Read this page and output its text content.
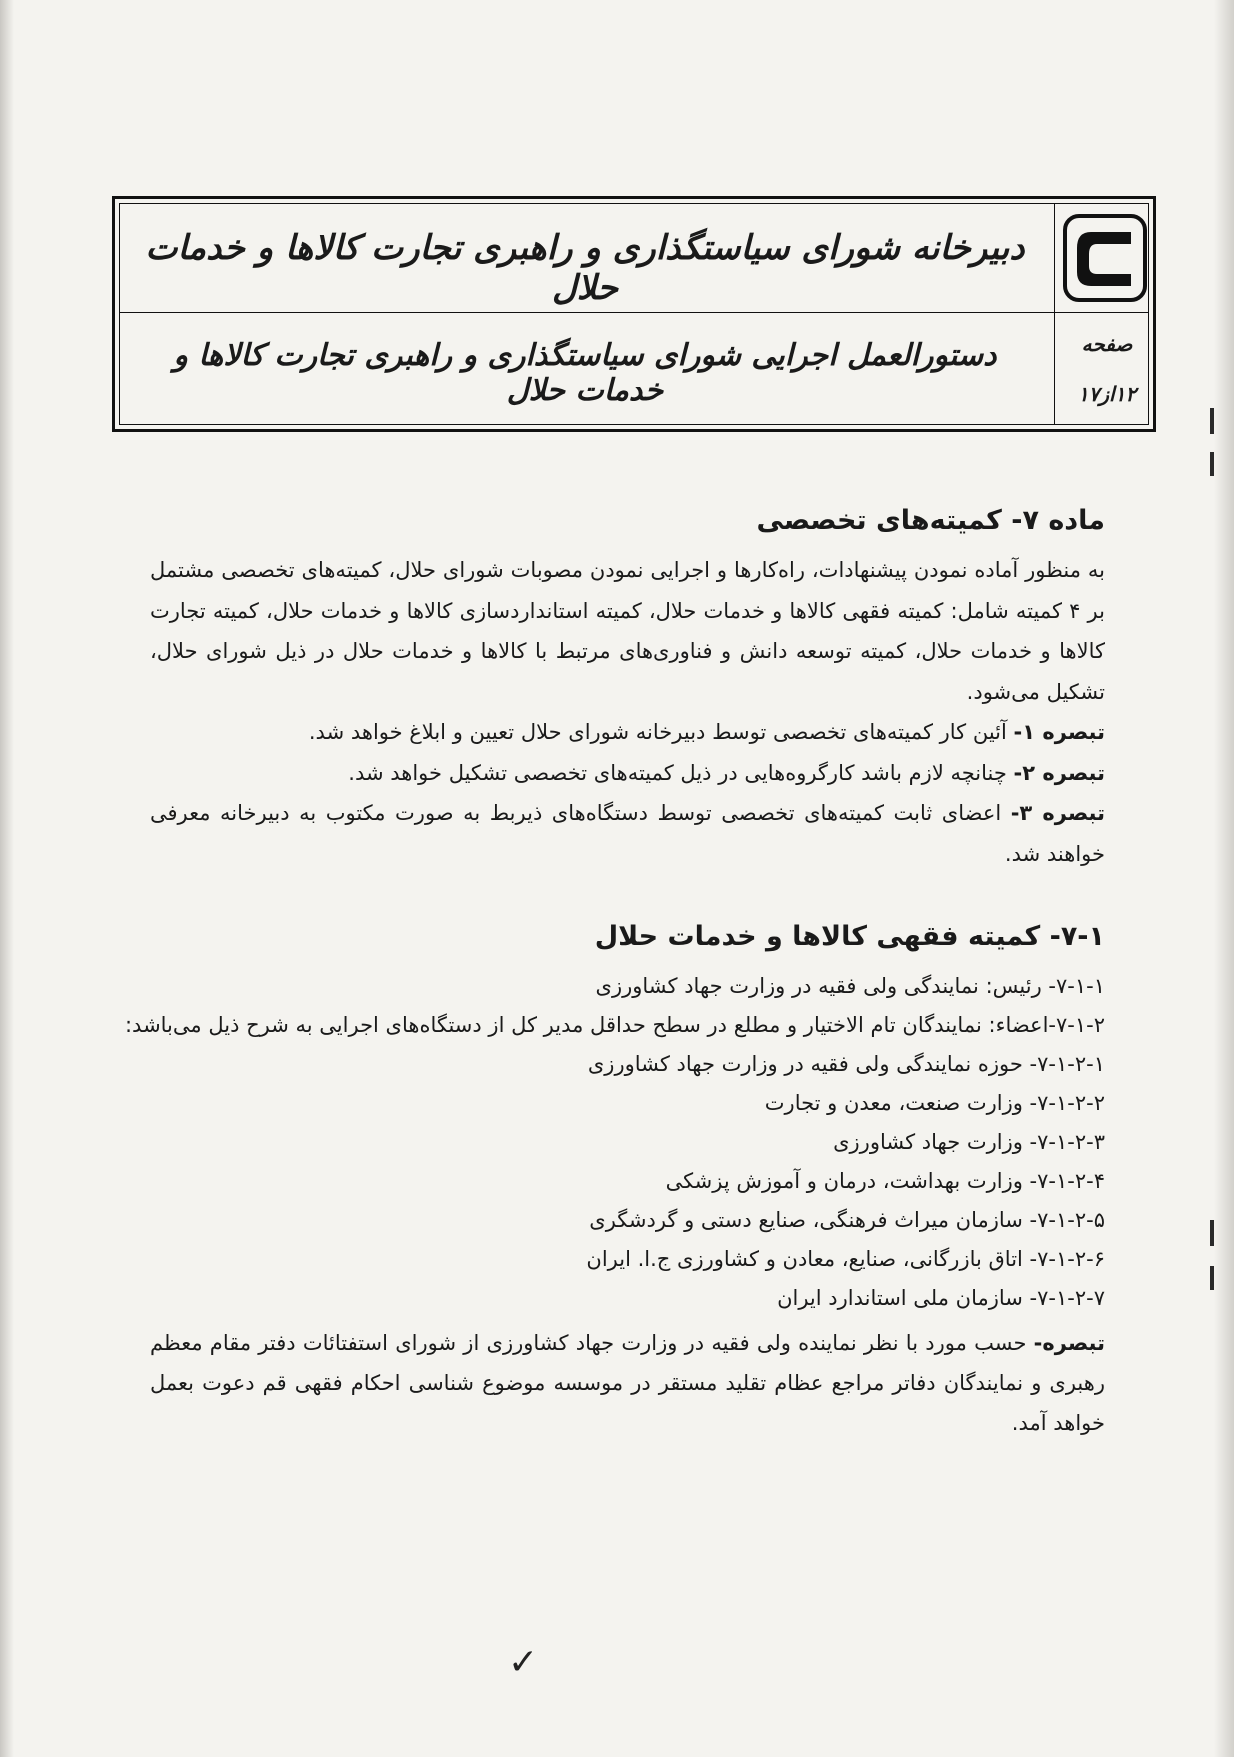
دبیرخانه شورای سیاستگذاری و راهبری تجارت کالاها و خدمات حلال
دستورالعمل اجرایی شورای سیاستگذاری و راهبری تجارت کالاها و خدمات حلال
صفحه
۱۲از۱۷
ماده ۷- کمیته‌های تخصصی

به منظور آماده نمودن پیشنهادات، راه‌کارها و اجرایی نمودن مصوبات شورای حلال، کمیته‌های تخصصی مشتمل بر ۴ کمیته شامل: کمیته فقهی کالاها و خدمات حلال، کمیته استانداردسازی کالاها و خدمات حلال، کمیته تجارت کالاها و خدمات حلال، کمیته توسعه دانش و فناوری‌های مرتبط با کالاها و خدمات حلال در ذیل شورای حلال، تشکیل می‌شود.

تبصره ۱- آئین کار کمیته‌های تخصصی توسط دبیرخانه شورای حلال تعیین و ابلاغ خواهد شد.

تبصره ۲- چنانچه لازم باشد کارگروه‌هایی در ذیل کمیته‌های تخصصی تشکیل خواهد شد.

تبصره ۳- اعضای ثابت کمیته‌های تخصصی توسط دستگاه‌های ذیربط به صورت مکتوب به دبیرخانه معرفی خواهند شد.

۷-۱- کمیته فقهی کالاها و خدمات حلال

۷-۱-۱- رئیس: نمایندگی ولی فقیه در وزارت جهاد کشاورزی

۷-۱-۲-اعضاء: نمایندگان تام الاختیار و مطلع در سطح حداقل مدیر کل از دستگاه‌های اجرایی به شرح ذیل می‌باشد:

۷-۱-۲-۱- حوزه نمایندگی ولی فقیه در وزارت جهاد کشاورزی

۷-۱-۲-۲- وزارت صنعت، معدن و تجارت

۷-۱-۲-۳- وزارت جهاد کشاورزی

۷-۱-۲-۴- وزارت بهداشت، درمان و آموزش پزشکی

۷-۱-۲-۵- سازمان میراث فرهنگی، صنایع دستی و گردشگری

۷-۱-۲-۶- اتاق بازرگانی، صنایع، معادن و کشاورزی ج.ا. ایران

۷-۱-۲-۷- سازمان ملی استاندارد ایران

تبصره- حسب مورد با نظر نماینده ولی فقیه در وزارت جهاد کشاورزی از شورای استفتائات دفتر مقام معظم رهبری و نمایندگان دفاتر مراجع عظام تقلید مستقر در موسسه موضوع شناسی احکام فقهی قم دعوت بعمل خواهد آمد.

✓
